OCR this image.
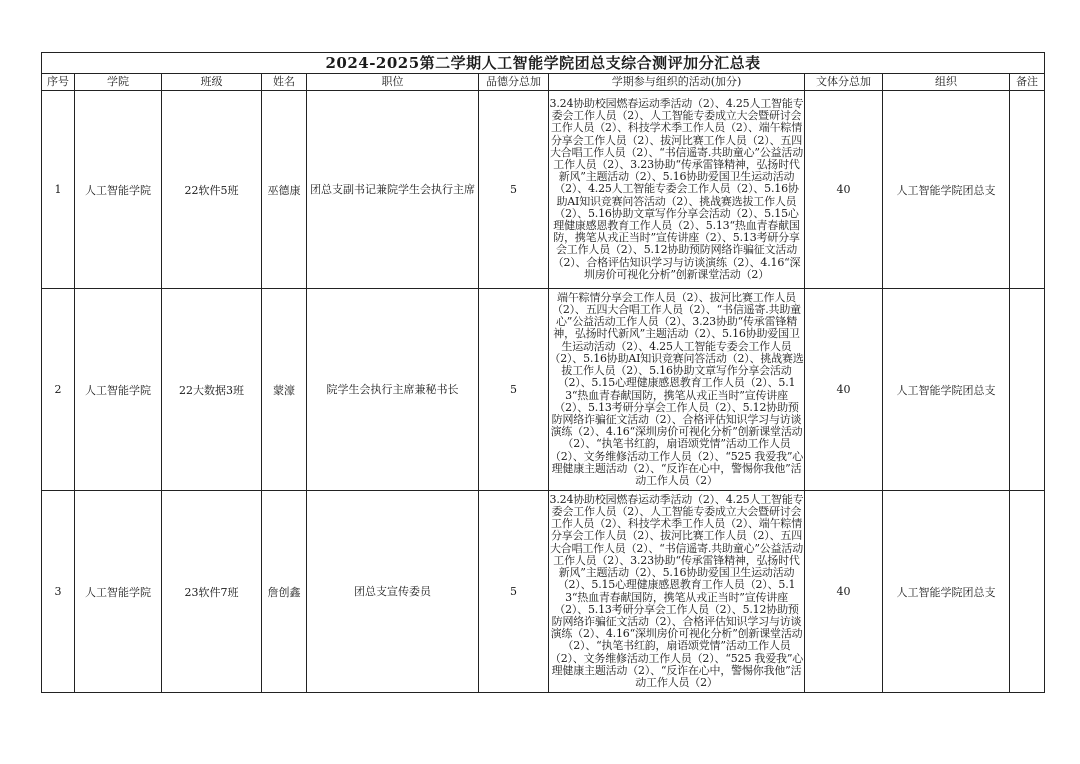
2024-2025第二学期人工智能学院团总支综合测评加分汇总表									
序号	学院	班级	姓名	职位	品德分总加	学期参与组织的活动(加分)	文体分总加	组织	备注
1	人工智能学院	22软件5班	巫德康	团总支副书记兼院学生会执行主席	5	3.24协助校园燃春运动季活动（2）、4.25人工智能专委会工作人员（2）、人工智能专委成立大会暨研讨会工作人员（2）、科技学术季工作人员（2）、端午粽情分享会工作人员（2）、拔河比赛工作人员（2）、五四大合唱工作人员（2）、“书信遥寄.共助童心”公益活动工作人员（2）、3.23协助“传承雷锋精神，弘扬时代新风”主题活动（2）、5.16协助爱国卫生运动活动（2）、4.25人工智能专委会工作人员（2）、5.16协助AI知识竞赛问答活动（2）、挑战赛选拔工作人员（2）、5.16协助文章写作分享会活动（2）、5.15心理健康感恩教育工作人员（2）、5.13“热血青春献国防，携笔从戎正当时”宣传讲座（2）、5.13考研分享会工作人员（2）、5.12协助预防网络诈骗征文活动（2）、合格评估知识学习与访谈演练（2）、4.16“深圳房价可视化分析”创新课堂活动（2）	40	人工智能学院团总支	
2	人工智能学院	22大数据3班	蒙濠	院学生会执行主席兼秘书长	5	端午粽情分享会工作人员（2）、拔河比赛工作人员（2）、五四大合唱工作人员（2）、“书信遥寄.共助童心”公益活动工作人员（2）、3.23协助“传承雷锋精神，弘扬时代新风”主题活动（2）、5.16协助爱国卫生运动活动（2）、4.25人工智能专委会工作人员（2）、5.16协助AI知识竞赛问答活动（2）、挑战赛选拔工作人员（2）、5.16协助文章写作分享会活动（2）、5.15心理健康感恩教育工作人员（2）、5.13“热血青春献国防，携笔从戎正当时”宣传讲座（2）、5.13考研分享会工作人员（2）、5.12协助预防网络诈骗征文活动（2）、合格评估知识学习与访谈演练（2）、4.16“深圳房价可视化分析”创新课堂活动（2）、“执笔书红韵，扇语颂党情”活动工作人员（2）、文务维修活动工作人员（2）、“525 我爱我”心理健康主题活动（2）、“反诈在心中，警惕你我他”活动工作人员（2）	40	人工智能学院团总支	
3	人工智能学院	23软件7班	詹创鑫	团总支宣传委员	5	3.24协助校园燃春运动季活动（2）、4.25人工智能专委会工作人员（2）、人工智能专委成立大会暨研讨会工作人员（2）、科技学术季工作人员（2）、端午粽情分享会工作人员（2）、拔河比赛工作人员（2）、五四大合唱工作人员（2）、“书信遥寄.共助童心”公益活动工作人员（2）、3.23协助“传承雷锋精神，弘扬时代新风”主题活动（2）、5.16协助爱国卫生运动活动（2）、5.15心理健康感恩教育工作人员（2）、5.13“热血青春献国防，携笔从戎正当时”宣传讲座（2）、5.13考研分享会工作人员（2）、5.12协助预防网络诈骗征文活动（2）、合格评估知识学习与访谈演练（2）、4.16“深圳房价可视化分析”创新课堂活动（2）、“执笔书红韵，扇语颂党情”活动工作人员（2）、文务维修活动工作人员（2）、“525 我爱我”心理健康主题活动（2）、“反诈在心中，警惕你我他”活动工作人员（2）	40	人工智能学院团总支	
